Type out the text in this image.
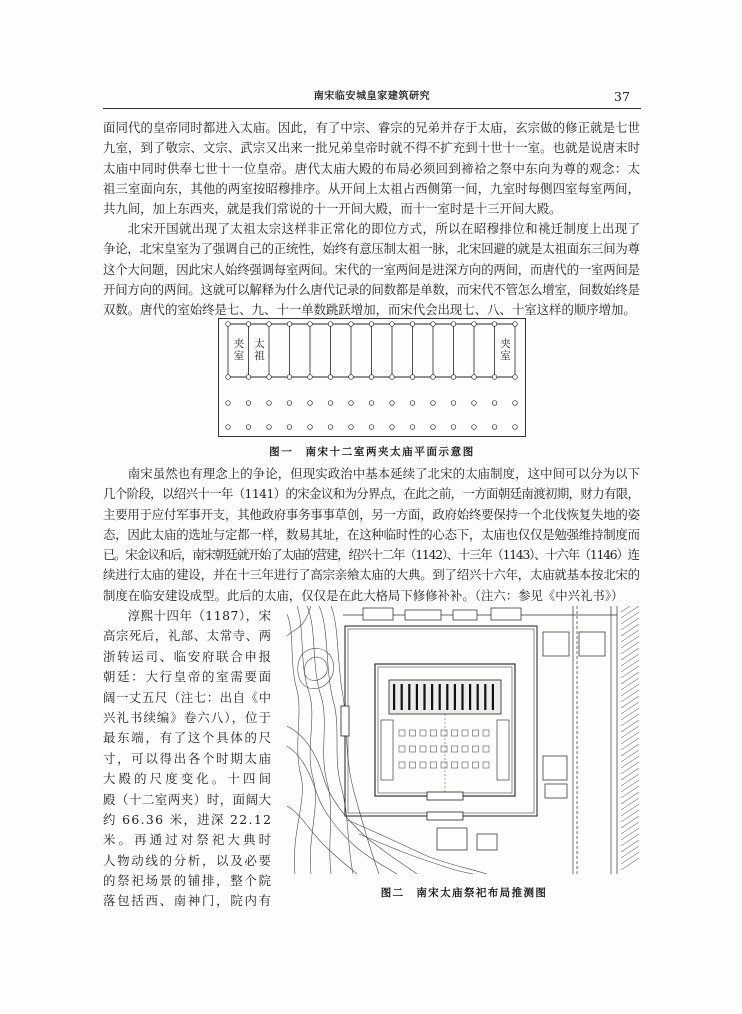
南宋临安城皇家建筑研究	37
面同代的皇帝同时都进入太庙。因此，有了中宗、睿宗的兄弟并存于太庙，玄宗做的修正就是七世
九室，到了敬宗、文宗、武宗又出来一批兄弟皇帝时就不得不扩充到十世十一室。也就是说唐末时
太庙中同时供奉七世十一位皇帝。唐代太庙大殿的布局必须回到禘祫之祭中东向为尊的观念：太
祖三室面向东，其他的两室按昭穆排序。从开间上太祖占西侧第一间，九室时每侧四室每室两间，
共九间，加上东西夹，就是我们常说的十一开间大殿，而十一室时是十三开间大殿。
北宋开国就出现了太祖太宗这样非正常化的即位方式，所以在昭穆排位和祧迁制度上出现了
争论，北宋皇室为了强调自己的正统性，始终有意压制太祖一脉，北宋回避的就是太祖面东三间为尊
这个大问题，因此宋人始终强调每室两间。宋代的一室两间是进深方向的两间，而唐代的一室两间是
开间方向的两间。这就可以解释为什么唐代记录的间数都是单数，而宋代不管怎么增室，间数始终是
双数。唐代的室始终是七、九、十一单数跳跃增加，而宋代会出现七、八、十室这样的顺序增加。
夹室 太祖	夹室
图一　南宋十二室两夹太庙平面示意图
南宋虽然也有理念上的争论，但现实政治中基本延续了北宋的太庙制度，这中间可以分为以下
几个阶段，以绍兴十一年（1141）的宋金议和为分界点，在此之前，一方面朝廷南渡初期，财力有限，
主要用于应付军事开支，其他政府事务事事草创，另一方面，政府始终要保持一个北伐恢复失地的姿
态，因此太庙的选址与定都一样，数易其址，在这种临时性的心态下，太庙也仅仅是勉强维持制度而
已。宋金议和后，南宋朝廷就开始了太庙的营建，绍兴十二年（1142）、十三年（1143）、十六年（1146）连
续进行太庙的建设，并在十三年进行了高宗亲飨太庙的大典。到了绍兴十六年，太庙就基本按北宋的
制度在临安建设成型。此后的太庙，仅仅是在此大格局下修修补补。（注六：参见《中兴礼书》）
淳熙十四年（1187），宋
高宗死后，礼部、太常寺、两
浙转运司、临安府联合申报
朝廷：大行皇帝的室需要面
阔一丈五尺（注七：出自《中
兴礼书续编》卷六八），位于
最东端，有了这个具体的尺
寸，可以得出各个时期太庙
大殿的尺度变化。十四间
殿（十二室两夹）时，面阔大
约 66.36 米，进深 22.12
米。再通过对祭祀大典时
人物动线的分析，以及必要
的祭祀场景的铺排，整个院
落包括西、南神门，院内有
图二　南宋太庙祭祀布局推测图
